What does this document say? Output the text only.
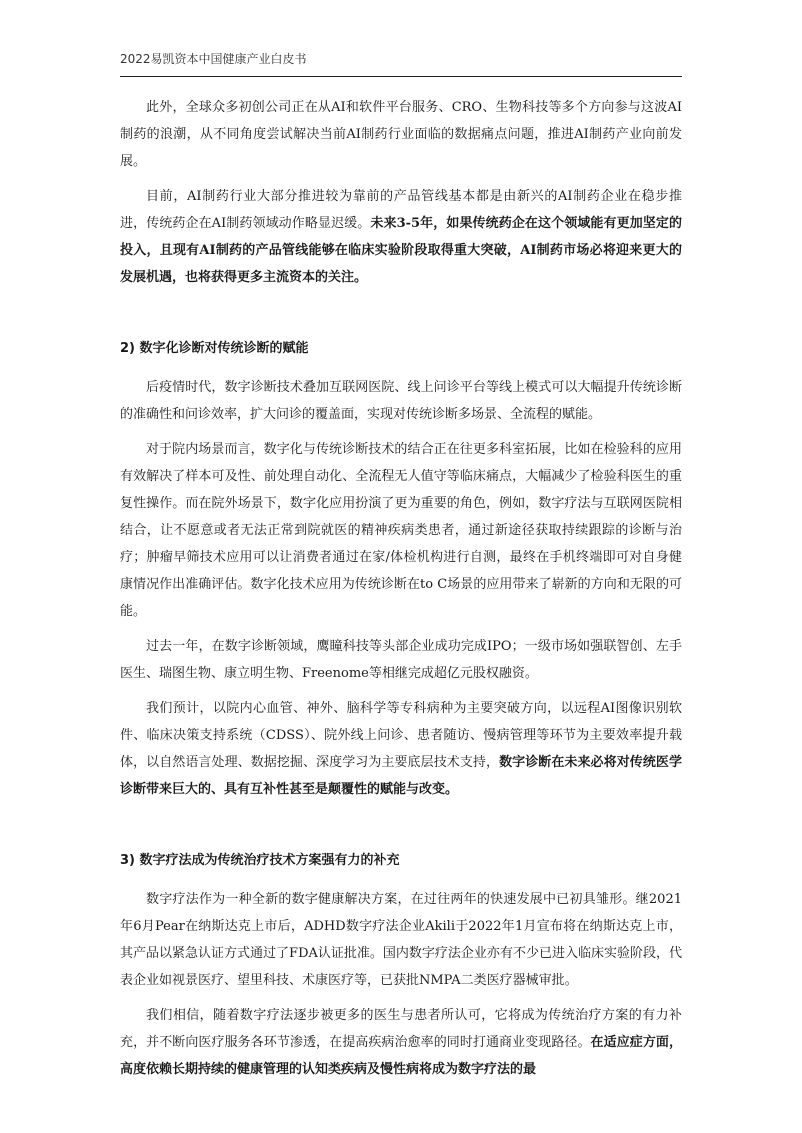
2022易凯资本中国健康产业白皮书

此外，全球众多初创公司正在从AI和软件平台服务、CRO、生物科技等多个方向参与这波AI制药的浪潮，从不同角度尝试解决当前AI制药行业面临的数据痛点问题，推进AI制药产业向前发展。

目前，AI制药行业大部分推进较为靠前的产品管线基本都是由新兴的AI制药企业在稳步推进，传统药企在AI制药领域动作略显迟缓。未来3-5年，如果传统药企在这个领域能有更加坚定的投入，且现有AI制药的产品管线能够在临床实验阶段取得重大突破，AI制药市场必将迎来更大的发展机遇，也将获得更多主流资本的关注。

2) 数字化诊断对传统诊断的赋能

后疫情时代，数字诊断技术叠加互联网医院、线上问诊平台等线上模式可以大幅提升传统诊断的准确性和问诊效率，扩大问诊的覆盖面，实现对传统诊断多场景、全流程的赋能。

对于院内场景而言，数字化与传统诊断技术的结合正在往更多科室拓展，比如在检验科的应用有效解决了样本可及性、前处理自动化、全流程无人值守等临床痛点，大幅减少了检验科医生的重复性操作。而在院外场景下，数字化应用扮演了更为重要的角色，例如，数字疗法与互联网医院相结合，让不愿意或者无法正常到院就医的精神疾病类患者，通过新途径获取持续跟踪的诊断与治疗；肿瘤早筛技术应用可以让消费者通过在家/体检机构进行自测，最终在手机终端即可对自身健康情况作出准确评估。数字化技术应用为传统诊断在to C场景的应用带来了崭新的方向和无限的可能。

过去一年，在数字诊断领域，鹰瞳科技等头部企业成功完成IPO；一级市场如强联智创、左手医生、瑞图生物、康立明生物、Freenome等相继完成超亿元股权融资。

我们预计，以院内心血管、神外、脑科学等专科病种为主要突破方向，以远程AI图像识别软件、临床决策支持系统（CDSS）、院外线上问诊、患者随访、慢病管理等环节为主要效率提升载体，以自然语言处理、数据挖掘、深度学习为主要底层技术支持，数字诊断在未来必将对传统医学诊断带来巨大的、具有互补性甚至是颠覆性的赋能与改变。

3) 数字疗法成为传统治疗技术方案强有力的补充

数字疗法作为一种全新的数字健康解决方案，在过往两年的快速发展中已初具雏形。继2021年6月Pear在纳斯达克上市后，ADHD数字疗法企业Akili于2022年1月宣布将在纳斯达克上市，其产品以紧急认证方式通过了FDA认证批准。国内数字疗法企业亦有不少已进入临床实验阶段，代表企业如视景医疗、望里科技、术康医疗等，已获批NMPA二类医疗器械审批。

我们相信，随着数字疗法逐步被更多的医生与患者所认可，它将成为传统治疗方案的有力补充，并不断向医疗服务各环节渗透，在提高疾病治愈率的同时打通商业变现路径。在适应症方面，高度依赖长期持续的健康管理的认知类疾病及慢性病将成为数字疗法的最
